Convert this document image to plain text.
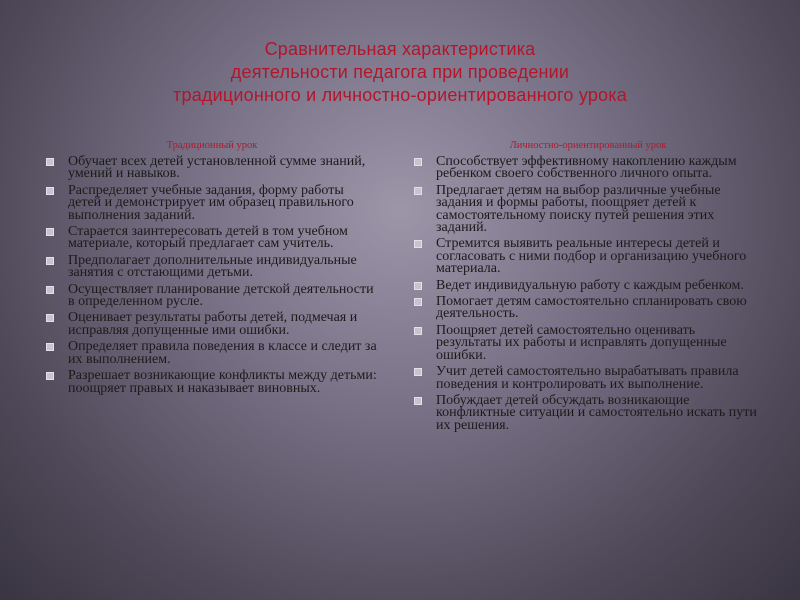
Сравнительная характеристика
деятельности педагога при проведении
традиционного и личностно-ориентированного урока
Традиционный урок
Обучает всех детей установленной сумме знаний, умений и навыков.
Распределяет учебные задания, форму работы детей и демонстрирует им образец правильного выполнения заданий.
Старается заинтересовать детей в том учебном материале, который предлагает сам учитель.
Предполагает дополнительные индивидуальные занятия с отстающими детьми.
Осуществляет планирование детской деятельности в определенном русле.
Оценивает результаты работы детей, подмечая и исправляя допущенные ими ошибки.
Определяет правила поведения в классе и следит за их выполнением.
Разрешает возникающие конфликты между детьми: поощряет правых и наказывает виновных.
Личностно-ориентированный урок
Способствует эффективному накоплению каждым ребенком своего собственного личного опыта.
Предлагает детям на выбор различные учебные задания и формы работы, поощряет детей к самостоятельному поиску путей решения этих заданий.
Стремится выявить реальные интересы детей и согласовать с ними подбор и организацию учебного материала.
Ведет индивидуальную работу с каждым ребенком.
Помогает детям самостоятельно спланировать свою деятельность.
Поощряет детей самостоятельно оценивать результаты их работы и исправлять допущенные ошибки.
Учит детей самостоятельно вырабатывать правила поведения и контролировать их выполнение.
Побуждает детей обсуждать возникающие конфликтные ситуации и самостоятельно искать пути их решения.
